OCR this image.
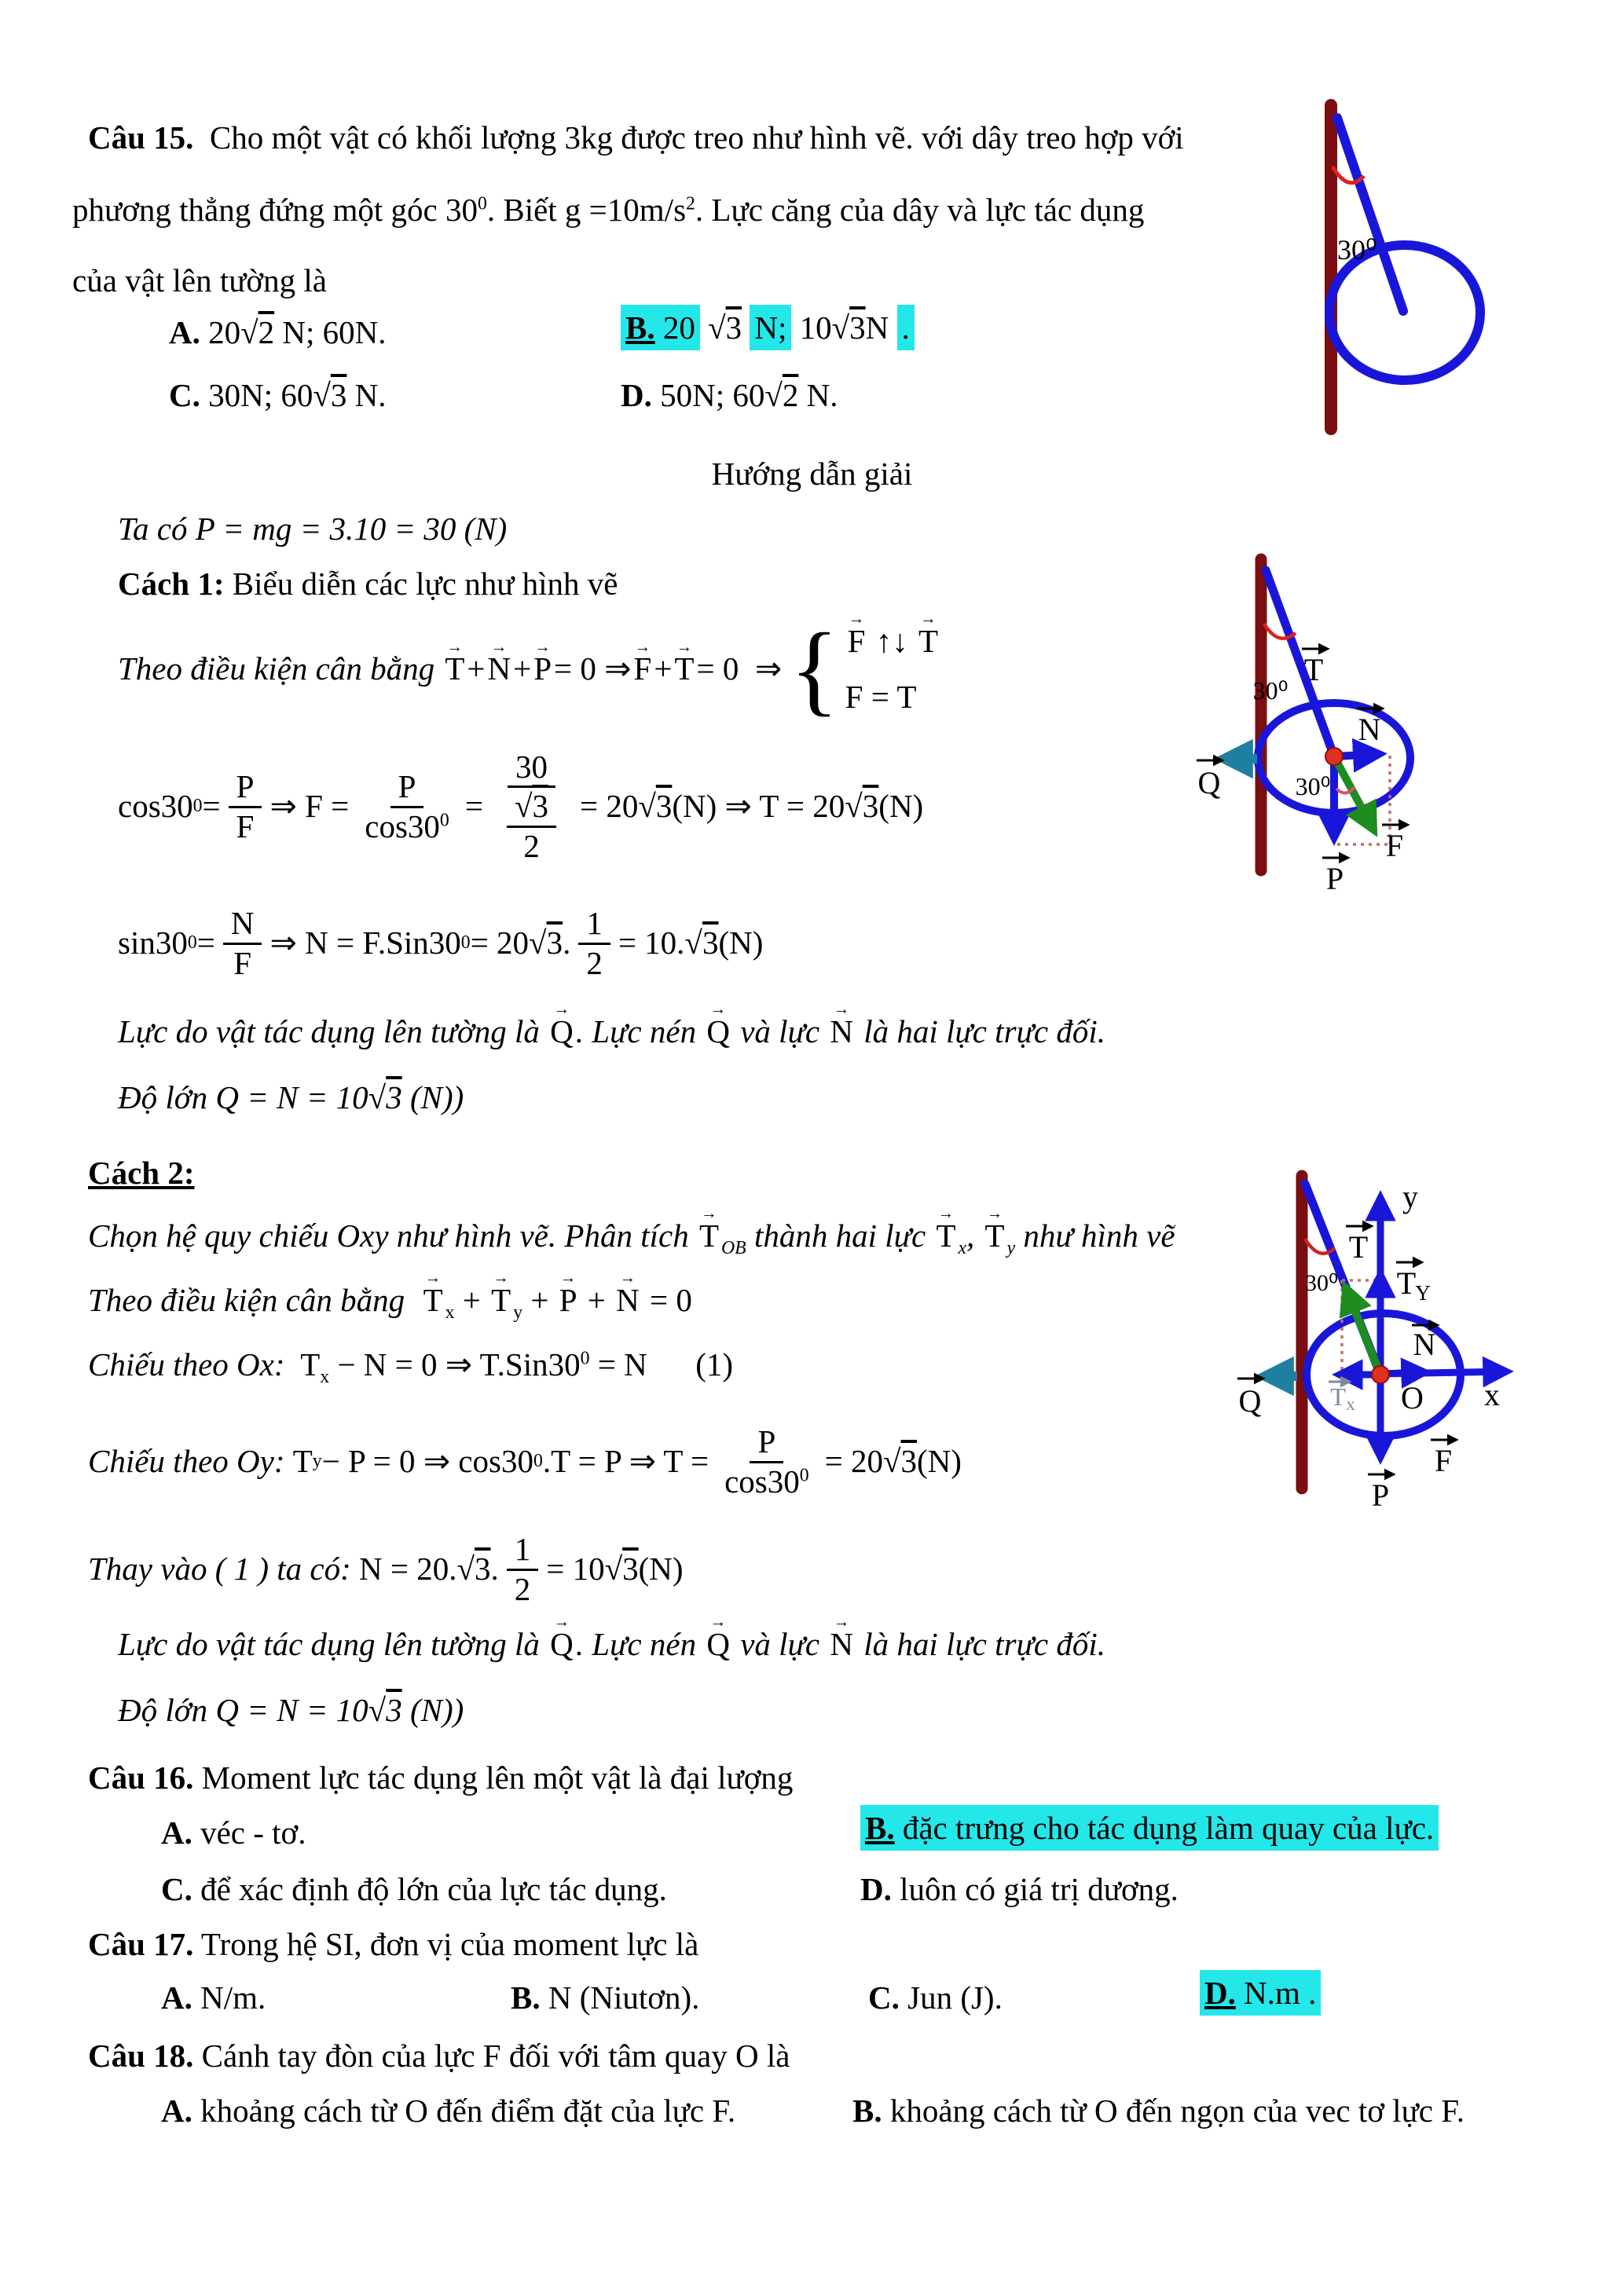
Câu 15.  Cho một vật có khối lượng 3kg được treo như hình vẽ. với dây treo hợp với
phương thẳng đứng một góc $30^0$. Biết $g =10m/s^2$. Lực căng của dây và lực tác dụng
của vật lên tường là
A. 20√2 N; 60N.	B. 20 √3 N; 10√3N .
C. 30N; 60√3 N.	D. 50N; 60√2 N.
30⁰
Hướng dẫn giải
Ta có P = mg = 3.10 = 30 (N)
Cách 1: Biểu diễn các lực như hình vẽ
Theo điều kiện cân bằng

→
T +
→
N +
→
P = 0 ⇒
→
F +
→
T = 0  ⇒ { →
F ↑↓
→
T
F = T
cos30 0 =
P
F
⇒ F =
P
$\cos 30^0$ =
30
$\frac{√3}{2} = 20√$ 3 (N) ⇒ T = 20√ 3 (N)
sin30 0 =
N
F
⇒ N = F.Sin30 0 = 20√ 3 .
1
2
= 10.√ 3 (N)
Lực do vật tác dụng lên tường là
→
Q. Lực nén
→
Q và lực
→
N là hai lực trực đối.
Độ lớn Q = N = 10√3 (N))
T
30⁰
N
30⁰
P
F
Q
Cách 2:
Chọn hệ quy chiếu Oxy như hình vẽ. Phân tích
→
T $_{OB}$ thành hai lực
→
T $_x$,
→
T $_y$ như hình vẽ
Theo điều kiện cân bằng
→
T $_x$ +
→
T $_y$ +
→
P +
→
N = 0
Chiếu theo Ox: $T_x - N = 0$ ⇒ $T.Sin30^0 = N$      (1)
Chiếu theo Oy:
T y − P = 0 ⇒ cos30 0 .T = P ⇒ T =
P
$\cos 30^0 = 20√$ 3 (N)
Thay vào ( 1 ) ta có:
N = 20.√ 3 .
1
2
= 10√ 3 (N)
Lực do vật tác dụng lên tường là
→
Q. Lực nén
→
Q và lực
→
N là hai lực trực đối.
Độ lớn Q = N = 10√3 (N))
y
T
30⁰ T Y
N
T x O x
Q
P
F
Câu 16. Moment lực tác dụng lên một vật là đại lượng
A. véc - tơ.	B. đặc trưng cho tác dụng làm quay của lực.
C. để xác định độ lớn của lực tác dụng.	D. luôn có giá trị dương.
Câu 17. Trong hệ SI, đơn vị của moment lực là
A. N/m.	B. N (Niutơn).	C. Jun (J).	D. N.m .
Câu 18. Cánh tay đòn của lực F đối với tâm quay O là
A. khoảng cách từ O đến điểm đặt của lực F.	B. khoảng cách từ O đến ngọn của vec tơ lực F.
